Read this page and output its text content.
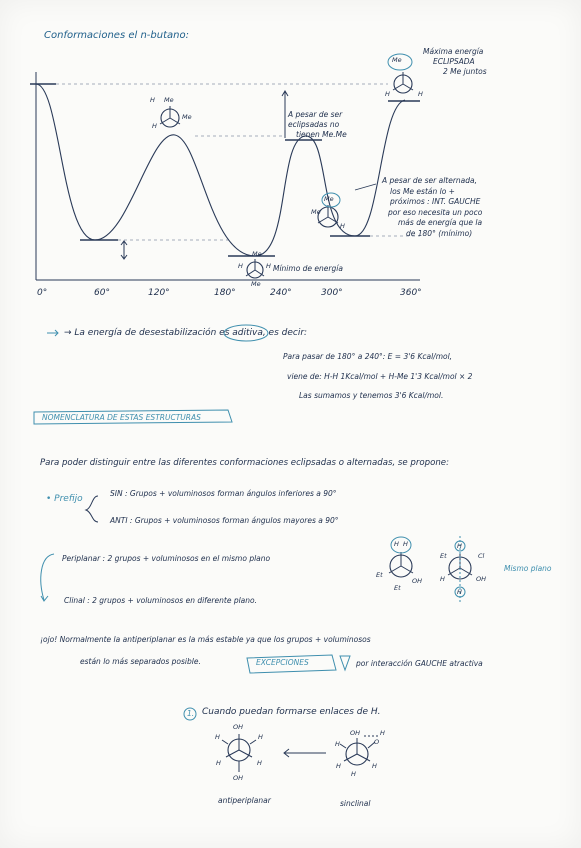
Conformaciones el n-butano:
0°	60°	120°	180°	240°	300°	360°
Me
Me
H
H
Me
Me
H	H
Me
Me
H
Me
H
H
Máxima energía
ECLIPSADA
2 Me juntos
A pesar de ser
eclipsadas no
tienen Me.Me
A pesar de ser alternada,
los Me están lo +
próximos : INT. GAUCHE
por eso necesita un poco
más de energía que la
de 180° (mínimo)
Mínimo de energía
→ La energía de desestabilización es aditiva, es decir:
Para pasar de 180° a 240°: E = 3'6 Kcal/mol,
viene de: H-H 1Kcal/mol + H-Me 1'3 Kcal/mol × 2
Las sumamos y tenemos 3'6 Kcal/mol.
NOMENCLATURA DE ESTAS ESTRUCTURAS
Para poder distinguir entre las diferentes conformaciones eclipsadas o alternadas, se propone:
• Prefijo
SIN : Grupos + voluminosos forman ángulos inferiores a 90°
ANTI : Grupos + voluminosos forman ángulos mayores a 90°
Periplanar : 2 grupos + voluminosos en el mismo plano
Clinal : 2 grupos + voluminosos en diferente plano.
Mismo plano
H H
Et
OH
Et
Et	Cl
H
H
H	OH
¡ojo! Normalmente la antiperiplanar es la más estable ya que los grupos + voluminosos
están lo más separados posible.	EXCEPCIONES	por interacción GAUCHE atractiva
1. Cuando puedan formarse enlaces de H.
OH
OH
H	H
H	H
OH
O
H
H
H	H
H
antiperiplanar	sinclinal
